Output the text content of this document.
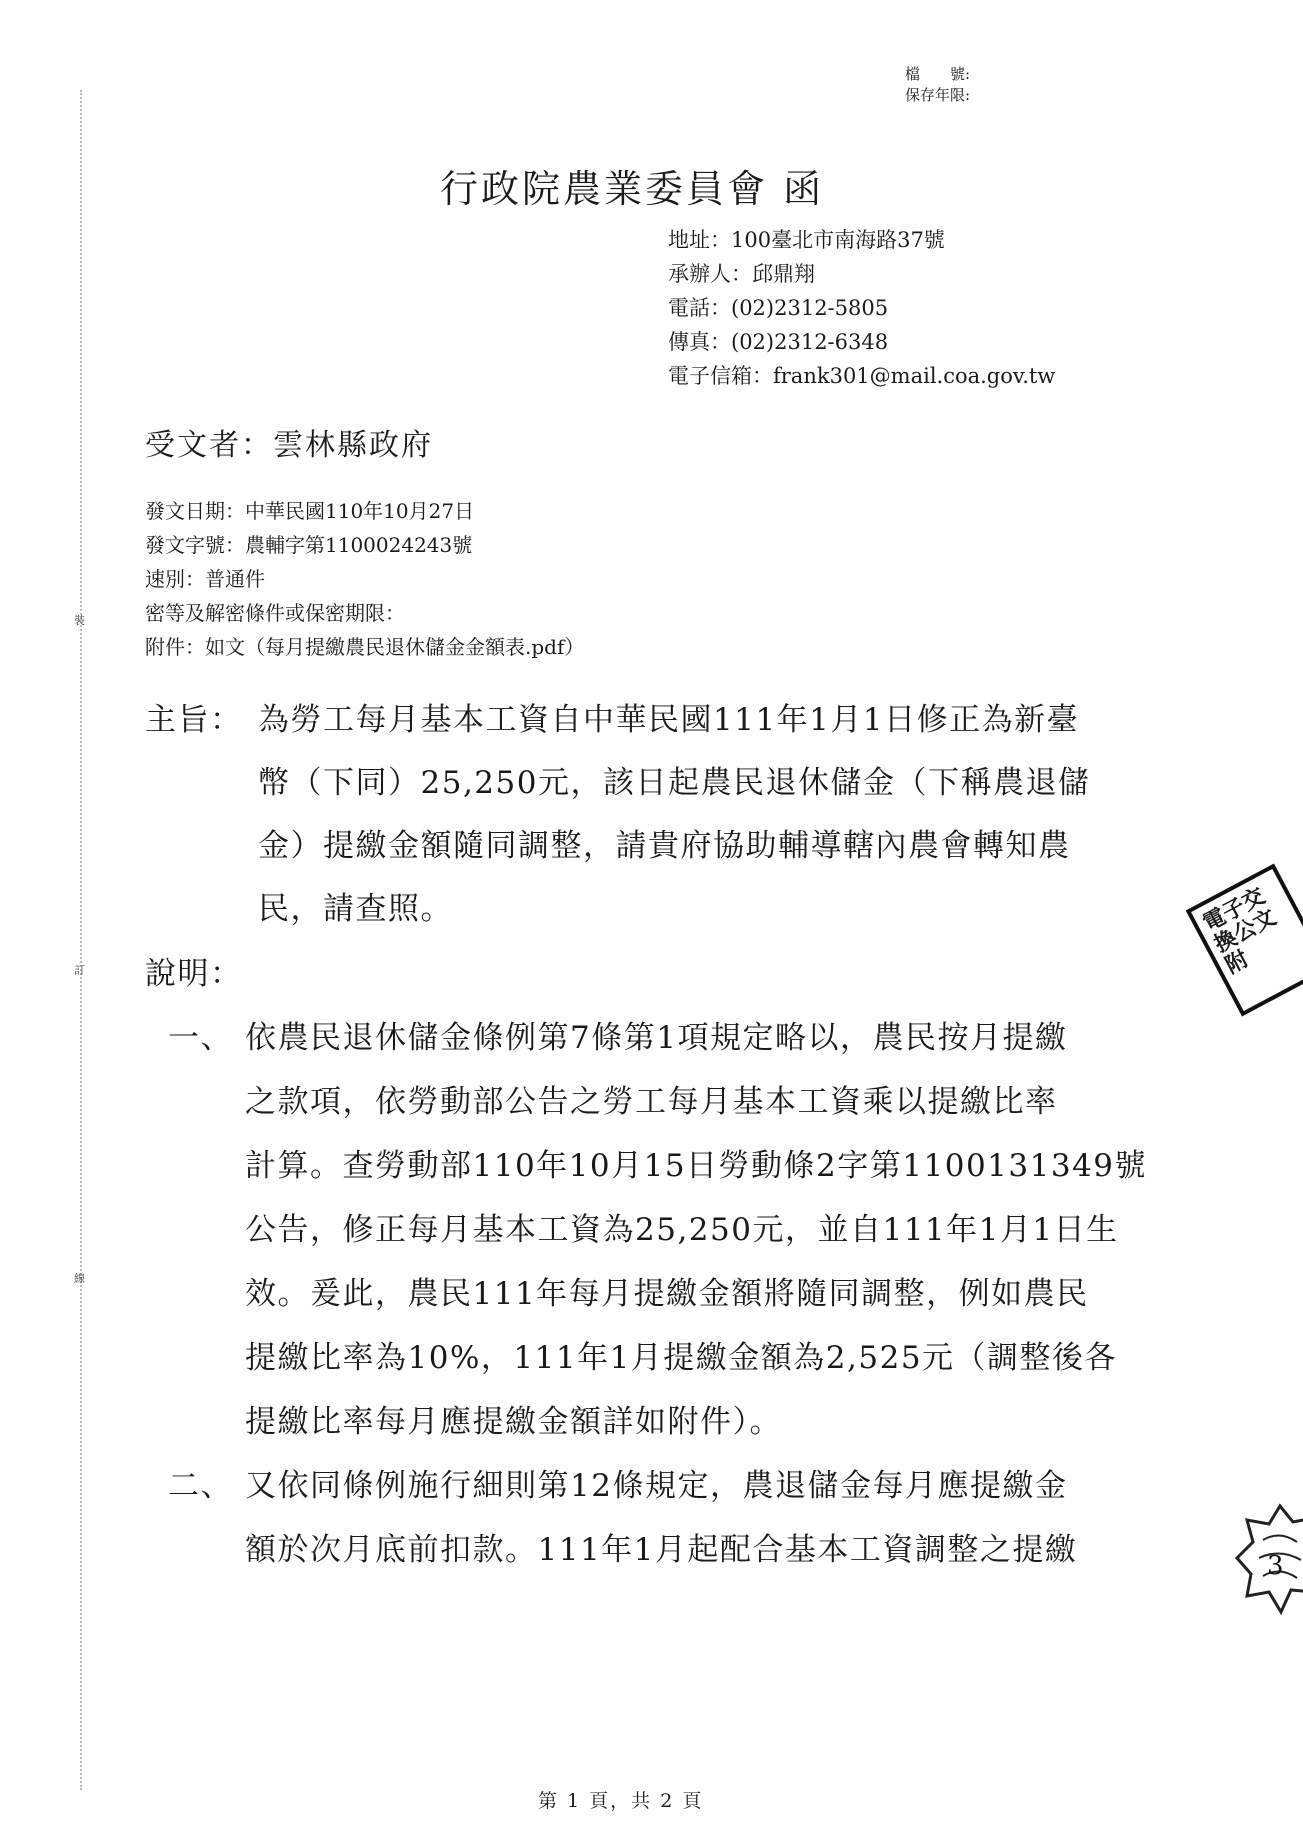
裝
訂
線
檔　　號:
保存年限:
行政院農業委員會 函
地址：100臺北市南海路37號
承辦人：邱鼎翔
電話：(02)2312-5805
傳真：(02)2312-6348
電子信箱：frank301@mail.coa.gov.tw
受文者：雲林縣政府
發文日期：中華民國110年10月27日
發文字號：農輔字第1100024243號
速別：普通件
密等及解密條件或保密期限：
附件：如文（每月提繳農民退休儲金金額表.pdf）
主旨： 為勞工每月基本工資自中華民國111年1月1日修正為新臺
幣（下同）25,250元，該日起農民退休儲金（下稱農退儲
金）提繳金額隨同調整，請貴府協助輔導轄內農會轉知農
民，請查照。
說明：
一、 依農民退休儲金條例第7條第1項規定略以，農民按月提繳
之款項，依勞動部公告之勞工每月基本工資乘以提繳比率
計算。查勞動部110年10月15日勞動條2字第1100131349號
公告，修正每月基本工資為25,250元，並自111年1月1日生
效。爰此，農民111年每月提繳金額將隨同調整，例如農民
提繳比率為10%，111年1月提繳金額為2,525元（調整後各
提繳比率每月應提繳金額詳如附件）。
二、 又依同條例施行細則第12條規定，農退儲金每月應提繳金
額於次月底前扣款。111年1月起配合基本工資調整之提繳
電子交換公文附
3
第 1 頁，共 2 頁
